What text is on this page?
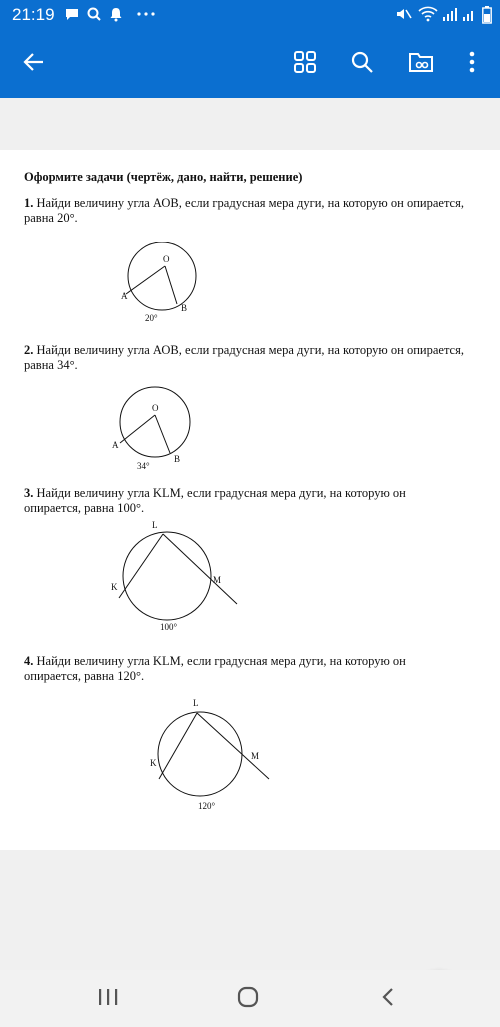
21:19
Оформите задачи (чертёж, дано, найти, решение)
1. Найди величину угла АОВ, если градусная мера дуги, на которую он опирается, равна 20°.
O
A
B
20°
2. Найди величину угла АОВ, если градусная мера дуги, на которую он опирается, равна 34°.
O
A
B
34°
3. Найди величину угла KLM, если градусная мера дуги, на которую он опирается, равна 100°.
L
K
M
100°
4. Найди величину угла KLM, если градусная мера дуги, на которую он опирается, равна 120°.
L
K
M
120°
